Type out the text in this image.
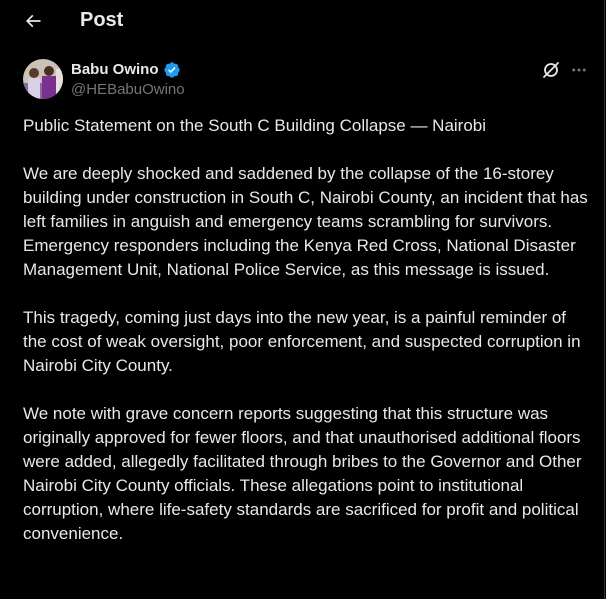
Post
Babu Owino
@HEBabuOwino

Public Statement on the South C Building Collapse — Nairobi

We are deeply shocked and saddened by the collapse of the 16-storey building under construction in South C, Nairobi County, an incident that has left families in anguish and emergency teams scrambling for survivors. Emergency responders including the Kenya Red Cross, National Disaster Management Unit, National Police Service, as this message is issued.

This tragedy, coming just days into the new year, is a painful reminder of the cost of weak oversight, poor enforcement, and suspected corruption in Nairobi City County.

We note with grave concern reports suggesting that this structure was originally approved for fewer floors, and that unauthorised additional floors were added, allegedly facilitated through bribes to the Governor and Other Nairobi City County officials. These allegations point to institutional corruption, where life-safety standards are sacrificed for profit and political convenience.
